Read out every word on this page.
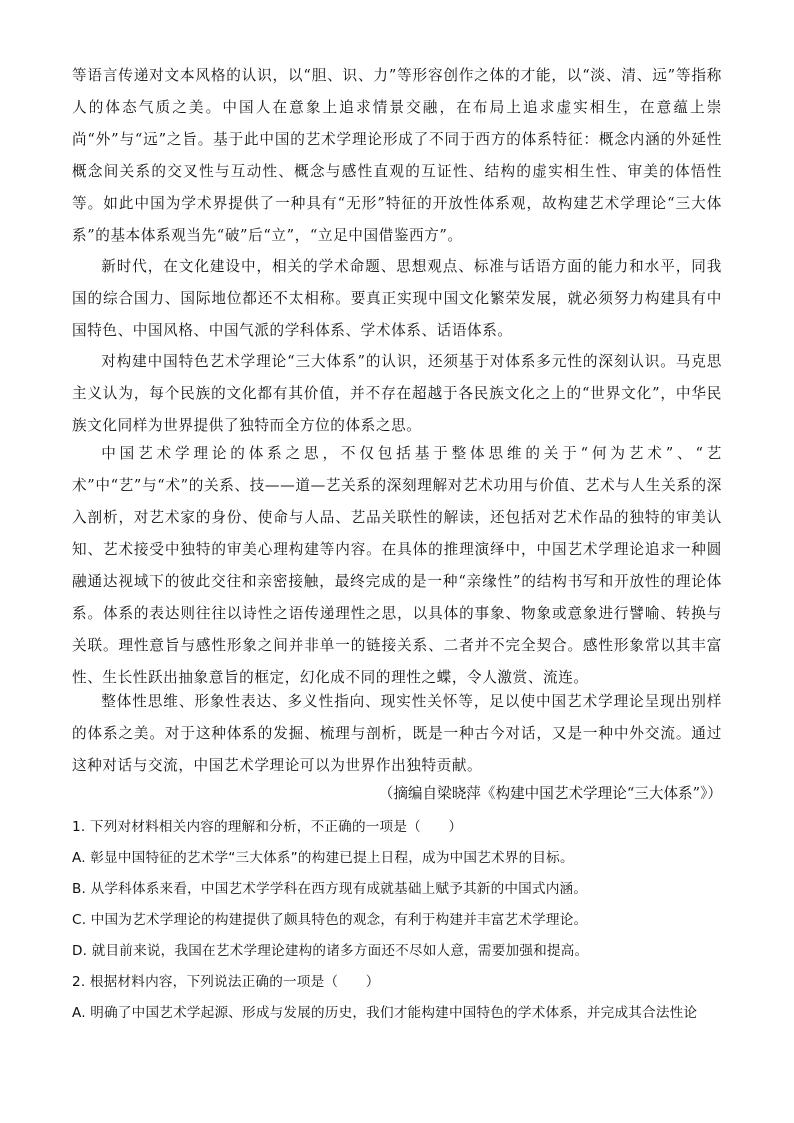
等语言传递对文本风格的认识，以“胆、识、力”等形容创作之体的才能，以“淡、清、远”等指称人的体态气质之美。中国人在意象上追求情景交融，在布局上追求虚实相生，在意蕴上崇尚“外”与“远”之旨。基于此中国的艺术学理论形成了不同于西方的体系特征：概念内涵的外延性概念间关系的交叉性与互动性、概念与感性直观的互证性、结构的虚实相生性、审美的体悟性等。如此中国为学术界提供了一种具有“无形”特征的开放性体系观，故构建艺术学理论“三大体系”的基本体系观当先“破”后“立”，“立足中国借鉴西方”。

新时代，在文化建设中，相关的学术命题、思想观点、标准与话语方面的能力和水平，同我国的综合国力、国际地位都还不太相称。要真正实现中国文化繁荣发展，就必须努力构建具有中国特色、中国风格、中国气派的学科体系、学术体系、话语体系。

对构建中国特色艺术学理论“三大体系”的认识，还须基于对体系多元性的深刻认识。马克思主义认为，每个民族的文化都有其价值，并不存在超越于各民族文化之上的“世界文化”，中华民族文化同样为世界提供了独特而全方位的体系之思。

中国艺术学理论的体系之思，不仅包括基于整体思维的关于“何为艺术”、“艺术”中“艺”与“术”的关系、技——道—艺关系的深刻理解对艺术功用与价值、艺术与人生关系的深入剖析，对艺术家的身份、使命与人品、艺品关联性的解读，还包括对艺术作品的独特的审美认知、艺术接受中独特的审美心理构建等内容。在具体的推理演绎中，中国艺术学理论追求一种圆融通达视域下的彼此交往和亲密接触，最终完成的是一种“亲缘性”的结构书写和开放性的理论体系。体系的表达则往往以诗性之语传递理性之思，以具体的事象、物象或意象进行譬喻、转换与关联。理性意旨与感性形象之间并非单一的链接关系、二者并不完全契合。感性形象常以其丰富性、生长性跃出抽象意旨的框定，幻化成不同的理性之蝶，令人激赏、流连。

整体性思维、形象性表达、多义性指向、现实性关怀等，足以使中国艺术学理论呈现出别样的体系之美。对于这种体系的发掘、梳理与剖析，既是一种古今对话，又是一种中外交流。通过这种对话与交流，中国艺术学理论可以为世界作出独特贡献。

（摘编自梁晓萍《构建中国艺术学理论“三大体系”》）

1. 下列对材料相关内容的理解和分析，不正确的一项是（　　）

A. 彰显中国特征的艺术学“三大体系”的构建已提上日程，成为中国艺术界的目标。

B. 从学科体系来看，中国艺术学学科在西方现有成就基础上赋予其新的中国式内涵。

C. 中国为艺术学理论的构建提供了颇具特色的观念，有利于构建并丰富艺术学理论。

D. 就目前来说，我国在艺术学理论建构的诸多方面还不尽如人意，需要加强和提高。

2. 根据材料内容，下列说法正确的一项是（　　）

A. 明确了中国艺术学起源、形成与发展的历史，我们才能构建中国特色的学术体系，并完成其合法性论
